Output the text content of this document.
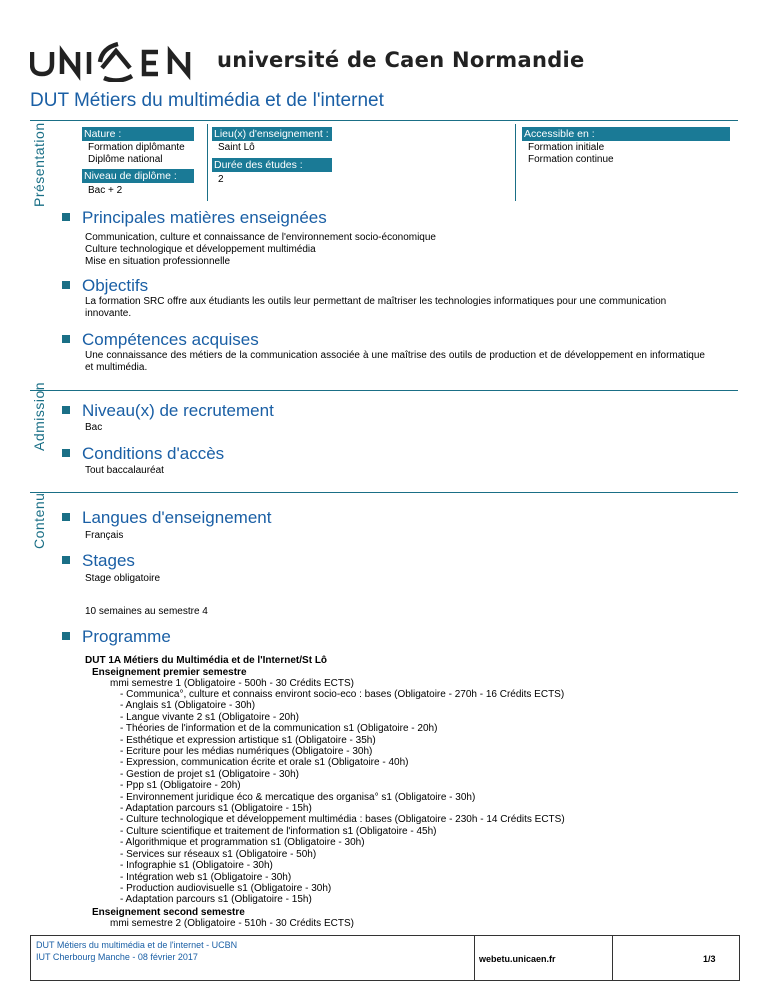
université de Caen Normandie
DUT Métiers du multimédia et de l'internet
Présentation	Nature :
Formation diplômante
Diplôme national
Niveau de diplôme :
Bac + 2
Lieu(x) d'enseignement :
Saint Lô
Durée des études :
2
Accessible en :
Formation initiale
Formation continue
Principales matières enseignées
Communication, culture et connaissance de l'environnement socio-économique
Culture technologique et développement multimédia
Mise en situation professionnelle
Objectifs
La formation SRC offre aux étudiants les outils leur permettant de maîtriser les technologies informatiques pour une communication innovante.
Compétences acquises
Une connaissance des métiers de la communication associée à une maîtrise des outils de production et de développement en informatique et multimédia.
Admission	Niveau(x) de recrutement
Bac
Conditions d'accès
Tout baccalauréat
Contenu	Langues d'enseignement
Français
Stages
Stage obligatoire
10 semaines au semestre 4
Programme
DUT 1A Métiers du Multimédia et de l'Internet/St Lô
Enseignement premier semestre
mmi semestre 1 (Obligatoire - 500h - 30 Crédits ECTS)
- Communica°, culture et connaiss environt socio-eco : bases (Obligatoire - 270h - 16 Crédits ECTS)
- Anglais s1 (Obligatoire - 30h)
- Langue vivante 2 s1 (Obligatoire - 20h)
- Théories de l'information et de la communication s1 (Obligatoire - 20h)
- Esthétique et expression artistique s1 (Obligatoire - 35h)
- Ecriture pour les médias numériques (Obligatoire - 30h)
- Expression, communication écrite et orale s1 (Obligatoire - 40h)
- Gestion de projet s1 (Obligatoire - 30h)
- Ppp s1 (Obligatoire - 20h)
- Environnement juridique éco & mercatique des organisa° s1 (Obligatoire - 30h)
- Adaptation parcours s1 (Obligatoire - 15h)
- Culture technologique et développement multimédia : bases (Obligatoire - 230h - 14 Crédits ECTS)
- Culture scientifique et traitement de l'information s1 (Obligatoire - 45h)
- Algorithmique et programmation s1 (Obligatoire - 30h)
- Services sur réseaux s1 (Obligatoire - 50h)
- Infographie s1 (Obligatoire - 30h)
- Intégration web s1 (Obligatoire - 30h)
- Production audiovisuelle s1 (Obligatoire - 30h)
- Adaptation parcours s1 (Obligatoire - 15h)
Enseignement second semestre
mmi semestre 2 (Obligatoire - 510h - 30 Crédits ECTS)
DUT Métiers du multimédia et de l'internet - UCBN
IUT Cherbourg Manche - 08 février 2017	webetu.unicaen.fr	1/3
